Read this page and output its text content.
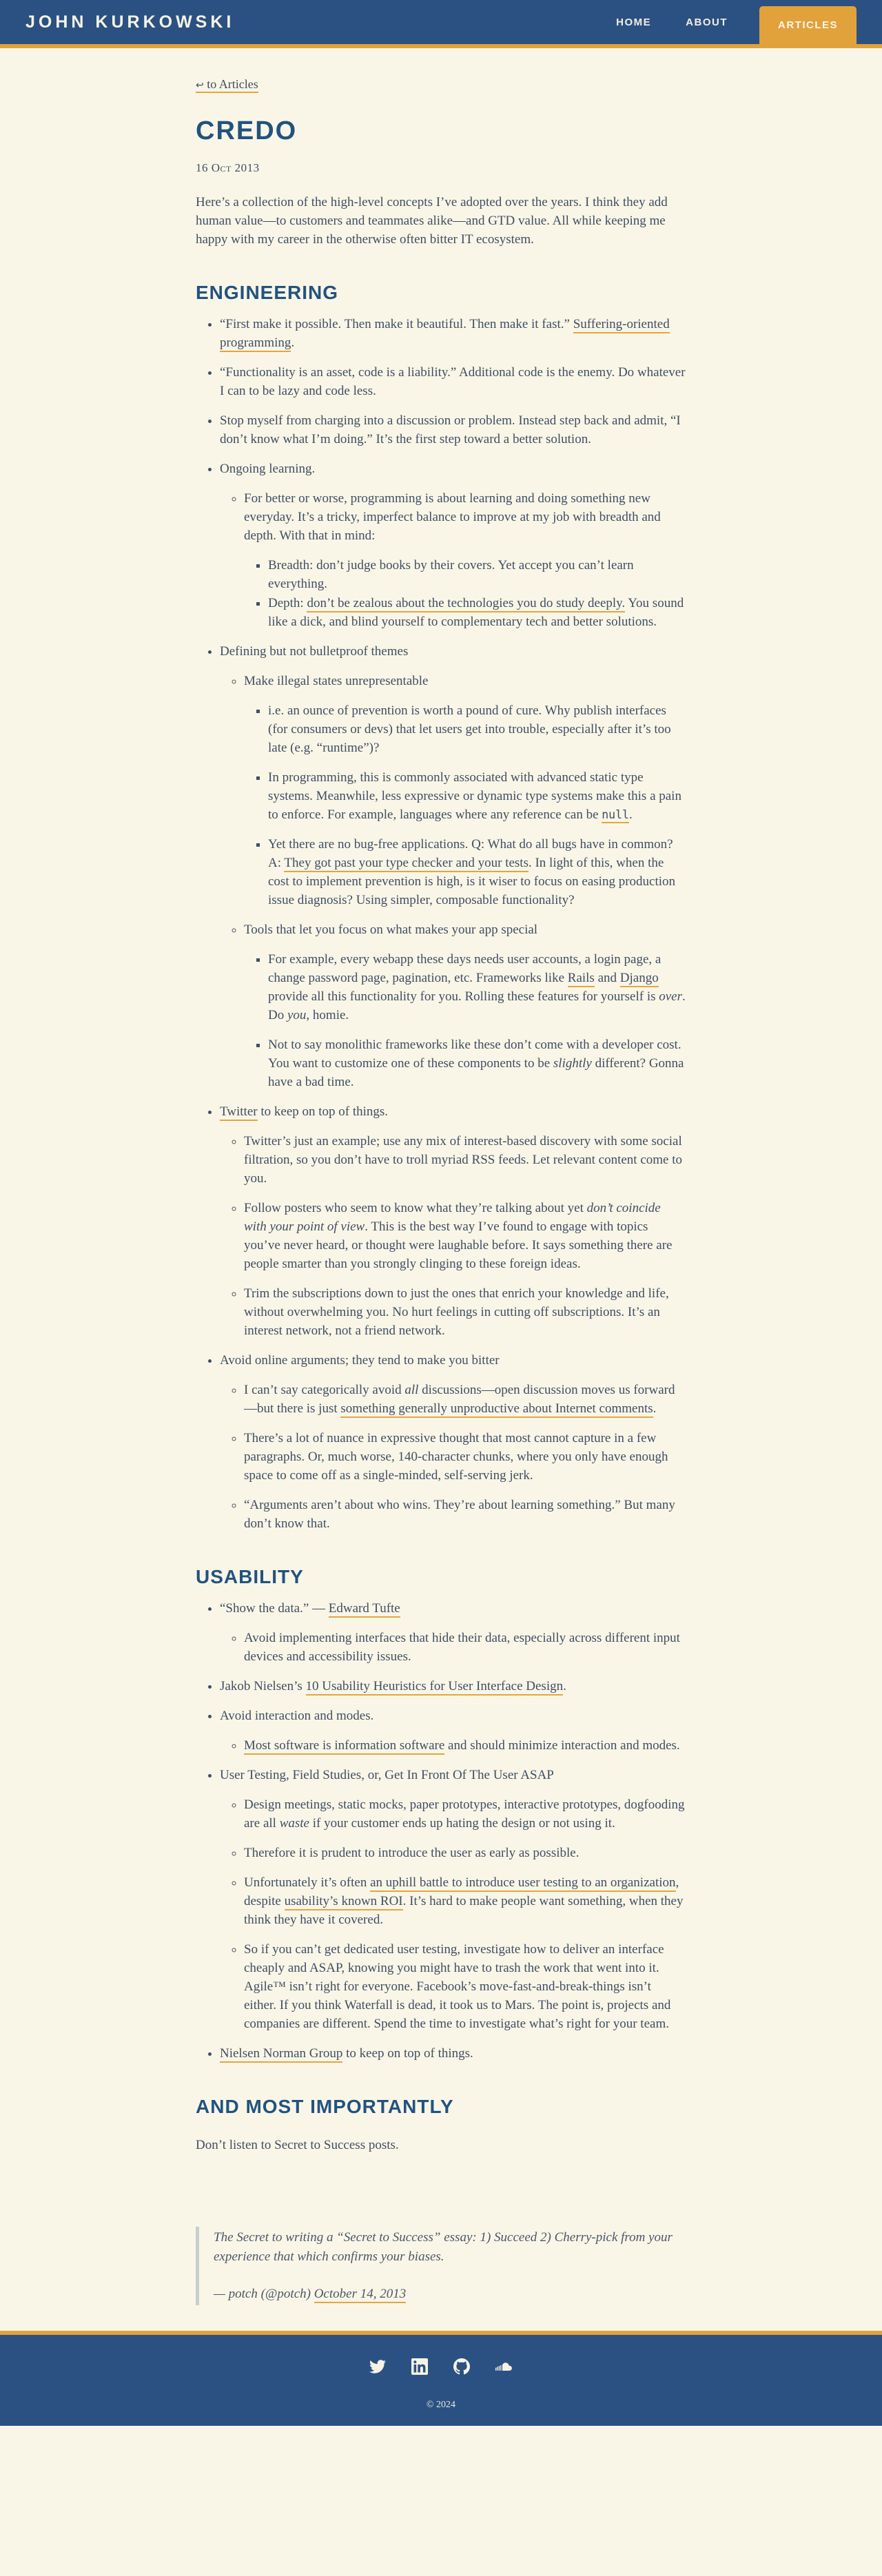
JOHN KURKOWSKI	HOME	ABOUT	ARTICLES
↩ to Articles
CREDO
16 Oct 2013

Here’s a collection of the high-level concepts I’ve adopted over the years. I think they add human value—to customers and teammates alike—and GTD value. All while keeping me happy with my career in the otherwise often bitter IT ecosystem.

ENGINEERING
• “First make it possible. Then make it beautiful. Then make it fast.” Suffering-oriented programming.
• “Functionality is an asset, code is a liability.” Additional code is the enemy. Do whatever I can to be lazy and code less.
• Stop myself from charging into a discussion or problem. Instead step back and admit, “I don’t know what I’m doing.” It’s the first step toward a better solution.
• Ongoing learning.
◦ For better or worse, programming is about learning and doing something new everyday. It’s a tricky, imperfect balance to improve at my job with breadth and depth. With that in mind:
▪ Breadth: don’t judge books by their covers. Yet accept you can’t learn everything.
▪ Depth: don’t be zealous about the technologies you do study deeply. You sound like a dick, and blind yourself to complementary tech and better solutions.
• Defining but not bulletproof themes
◦ Make illegal states unrepresentable
▪ i.e. an ounce of prevention is worth a pound of cure. Why publish interfaces (for consumers or devs) that let users get into trouble, especially after it’s too late (e.g. “runtime”)?
▪ In programming, this is commonly associated with advanced static type systems. Meanwhile, less expressive or dynamic type systems make this a pain to enforce. For example, languages where any reference can be null.
▪ Yet there are no bug-free applications. Q: What do all bugs have in common? A: They got past your type checker and your tests. In light of this, when the cost to implement prevention is high, is it wiser to focus on easing production issue diagnosis? Using simpler, composable functionality?
◦ Tools that let you focus on what makes your app special
▪ For example, every webapp these days needs user accounts, a login page, a change password page, pagination, etc. Frameworks like Rails and Django provide all this functionality for you. Rolling these features for yourself is over. Do you, homie.
▪ Not to say monolithic frameworks like these don’t come with a developer cost. You want to customize one of these components to be slightly different? Gonna have a bad time.
• Twitter to keep on top of things.
◦ Twitter’s just an example; use any mix of interest-based discovery with some social filtration, so you don’t have to troll myriad RSS feeds. Let relevant content come to you.
◦ Follow posters who seem to know what they’re talking about yet don’t coincide with your point of view. This is the best way I’ve found to engage with topics you’ve never heard, or thought were laughable before. It says something there are people smarter than you strongly clinging to these foreign ideas.
◦ Trim the subscriptions down to just the ones that enrich your knowledge and life, without overwhelming you. No hurt feelings in cutting off subscriptions. It’s an interest network, not a friend network.
• Avoid online arguments; they tend to make you bitter
◦ I can’t say categorically avoid all discussions—open discussion moves us forward—but there is just something generally unproductive about Internet comments.
◦ There’s a lot of nuance in expressive thought that most cannot capture in a few paragraphs. Or, much worse, 140-character chunks, where you only have enough space to come off as a single-minded, self-serving jerk.
◦ “Arguments aren’t about who wins. They’re about learning something.” But many don’t know that.
USABILITY
• “Show the data.” — Edward Tufte
◦ Avoid implementing interfaces that hide their data, especially across different input devices and accessibility issues.
• Jakob Nielsen’s 10 Usability Heuristics for User Interface Design.
• Avoid interaction and modes.
◦ Most software is information software and should minimize interaction and modes.
• User Testing, Field Studies, or, Get In Front Of The User ASAP
◦ Design meetings, static mocks, paper prototypes, interactive prototypes, dogfooding are all waste if your customer ends up hating the design or not using it.
◦ Therefore it is prudent to introduce the user as early as possible.
◦ Unfortunately it’s often an uphill battle to introduce user testing to an organization, despite usability’s known ROI. It’s hard to make people want something, when they think they have it covered.
◦ So if you can’t get dedicated user testing, investigate how to deliver an interface cheaply and ASAP, knowing you might have to trash the work that went into it. Agile™ isn’t right for everyone. Facebook’s move-fast-and-break-things isn’t either. If you think Waterfall is dead, it took us to Mars. The point is, projects and companies are different. Spend the time to investigate what’s right for your team.
• Nielsen Norman Group to keep on top of things.
AND MOST IMPORTANTLY

Don’t listen to Secret to Success posts.

The Secret to writing a “Secret to Success” essay: 1) Succeed 2) Cherry-pick from your experience that which confirms your biases.

— potch (@potch) October 14, 2013

© 2024
